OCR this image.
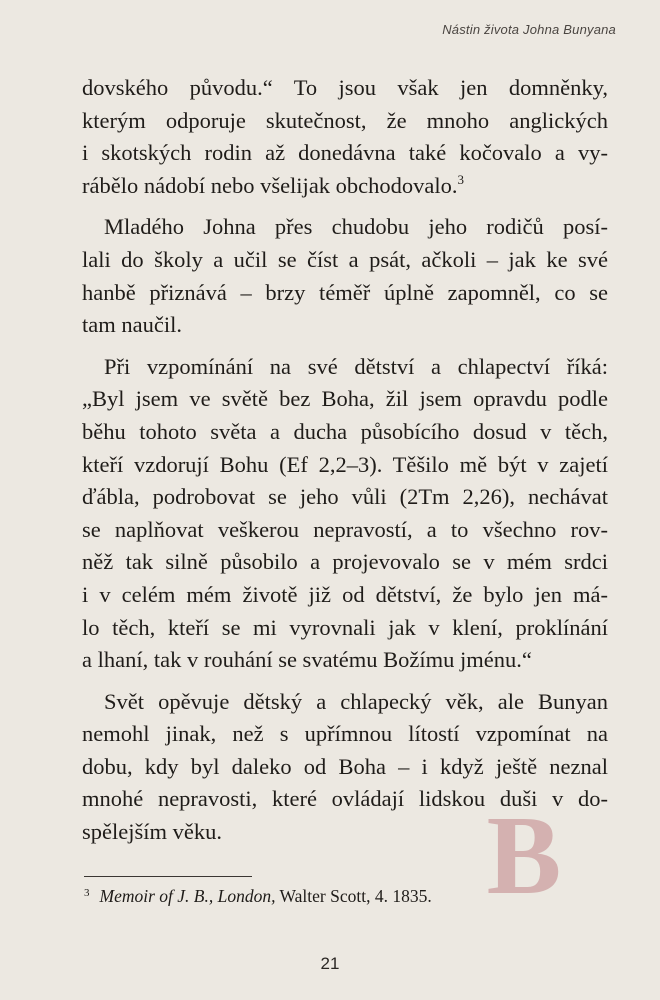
Nástin života Johna Bunyana

dovského původu.“ To jsou však jen domněnky,
kterým odporuje skutečnost, že mnoho anglických
i skotských rodin až donedávna také kočovalo a vy-
rábělo nádobí nebo všelijak obchodovalo.$^3$

Mladého Johna přes chudobu jeho rodičů posí-
lali do školy a učil se číst a psát, ačkoli – jak ke své
hanbě přiznává – brzy téměř úplně zapomněl, co se
tam naučil.

Při vzpomínání na své dětství a chlapectví říká:
„Byl jsem ve světě bez Boha, žil jsem opravdu podle
běhu tohoto světa a ducha působícího dosud v těch,
kteří vzdorují Bohu (Ef 2,2–3). Těšilo mě být v zajetí
ďábla, podrobovat se jeho vůli (2Tm 2,26), nechávat
se naplňovat veškerou nepravostí, a to všechno rov-
něž tak silně působilo a projevovalo se v mém srdci
i v celém mém životě již od dětství, že bylo jen má-
lo těch, kteří se mi vyrovnali jak v klení, proklínání
a lhaní, tak v rouhání se svatému Božímu jménu.“

Svět opěvuje dětský a chlapecký věk, ale Bunyan
nemohl jinak, než s upřímnou lítostí vzpomínat na
dobu, kdy byl daleko od Boha – i když ještě neznal
mnohé nepravosti, které ovládají lidskou duši v do-
spělejším věku.	B
$^3$ Memoir of J. B., London, Walter Scott, 4. 1835.
21
